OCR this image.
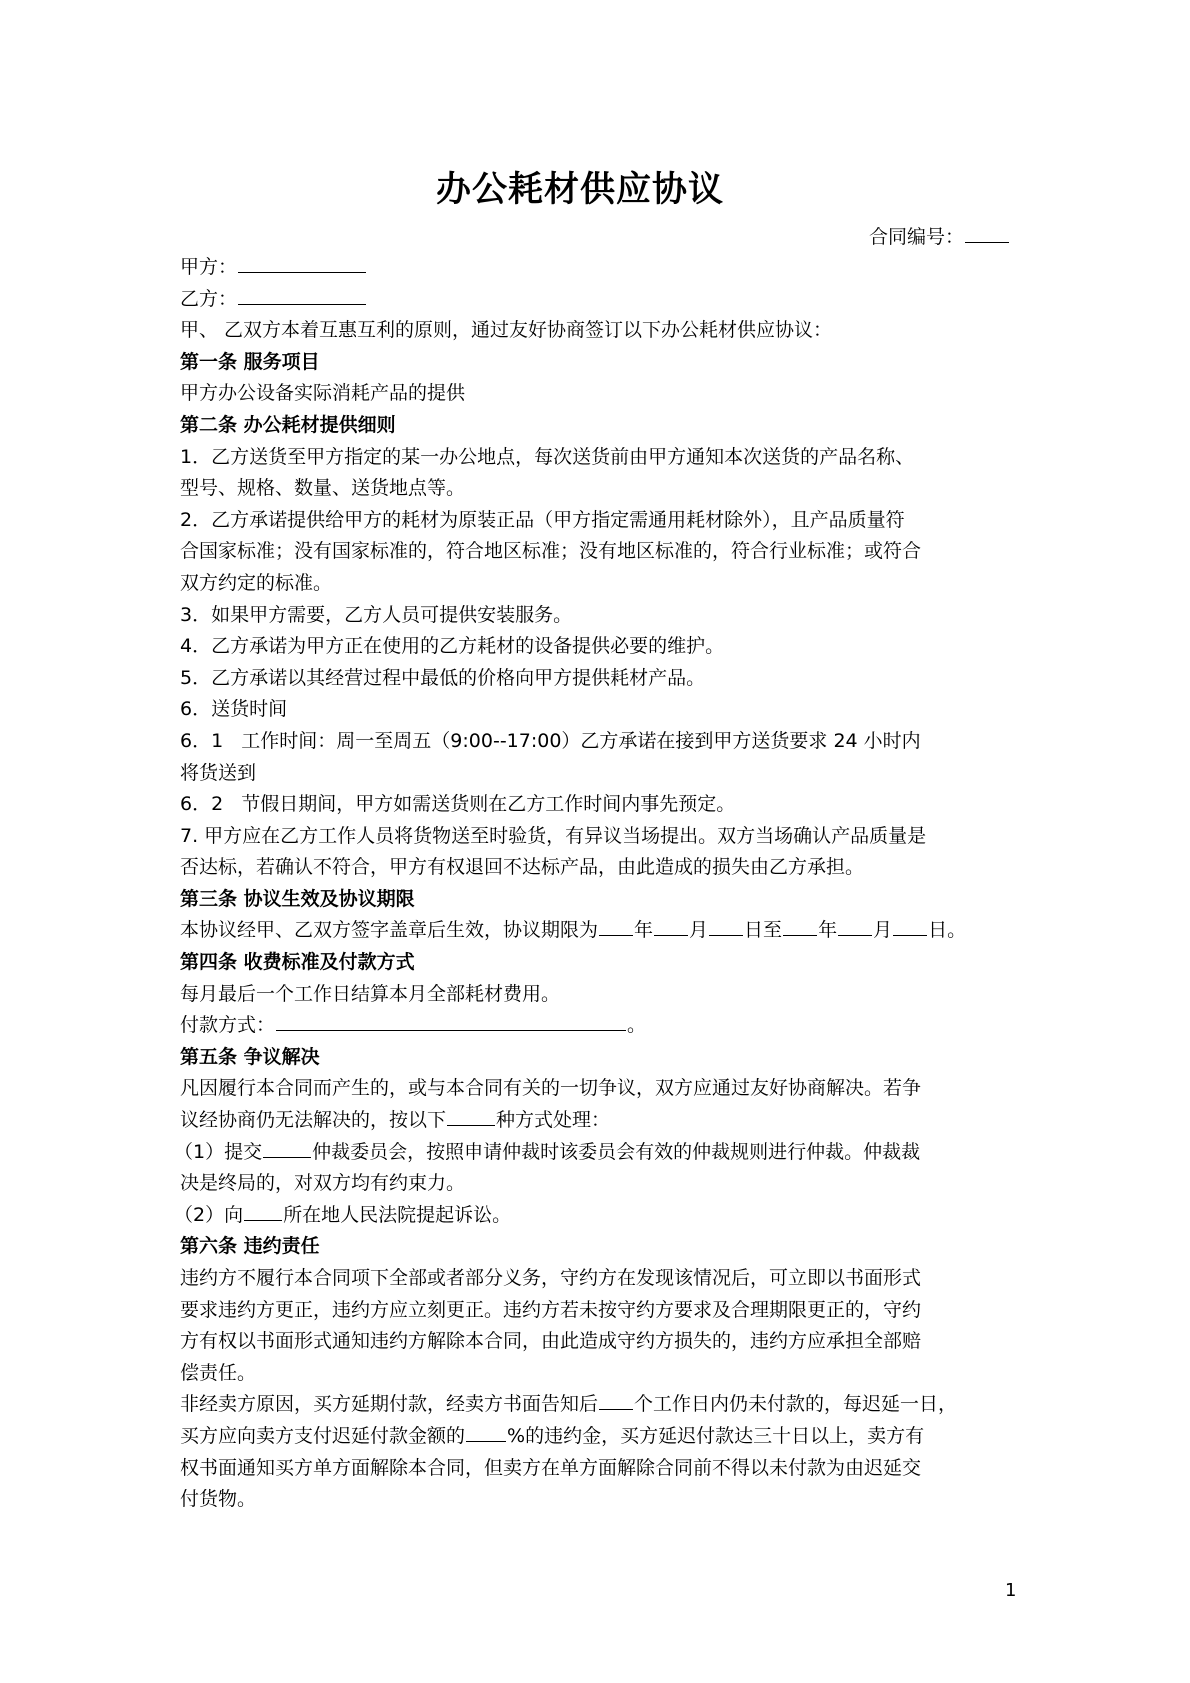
办公耗材供应协议
合同编号：
甲方：
乙方：
甲、 乙双方本着互惠互利的原则，通过友好协商签订以下办公耗材供应协议：
第一条 服务项目
甲方办公设备实际消耗产品的提供
第二条 办公耗材提供细则
1．乙方送货至甲方指定的某一办公地点，每次送货前由甲方通知本次送货的产品名称、
型号、规格、数量、送货地点等。
2．乙方承诺提供给甲方的耗材为原装正品（甲方指定需通用耗材除外），且产品质量符
合国家标准；没有国家标准的，符合地区标准；没有地区标准的，符合行业标准；或符合
双方约定的标准。
3．如果甲方需要，乙方人员可提供安装服务。
4．乙方承诺为甲方正在使用的乙方耗材的设备提供必要的维护。
5．乙方承诺以其经营过程中最低的价格向甲方提供耗材产品。
6．送货时间
6．1   工作时间：周一至周五（9:00--17:00）乙方承诺在接到甲方送货要求 24 小时内
将货送到
6．2   节假日期间，甲方如需送货则在乙方工作时间内事先预定。
7. 甲方应在乙方工作人员将货物送至时验货，有异议当场提出。双方当场确认产品质量是
否达标，若确认不符合，甲方有权退回不达标产品，由此造成的损失由乙方承担。
第三条 协议生效及协议期限
本协议经甲、乙双方签字盖章后生效，协议期限为 年 月 日至 年 月 日。
第四条 收费标准及付款方式
每月最后一个工作日结算本月全部耗材费用。
付款方式：	。
第五条 争议解决
凡因履行本合同而产生的，或与本合同有关的一切争议，双方应通过友好协商解决。若争
议经协商仍无法解决的，按以下	种方式处理：
（1）提交	仲裁委员会，按照申请仲裁时该委员会有效的仲裁规则进行仲裁。仲裁裁
决是终局的，对双方均有约束力。
（2）向 所在地人民法院提起诉讼。
第六条 违约责任
违约方不履行本合同项下全部或者部分义务，守约方在发现该情况后，可立即以书面形式
要求违约方更正，违约方应立刻更正。违约方若未按守约方要求及合理期限更正的，守约
方有权以书面形式通知违约方解除本合同，由此造成守约方损失的，违约方应承担全部赔
偿责任。
非经卖方原因，买方延期付款，经卖方书面告知后 个工作日内仍未付款的，每迟延一日，
买方应向卖方支付迟延付款金额的 %的违约金，买方延迟付款达三十日以上，卖方有
权书面通知买方单方面解除本合同，但卖方在单方面解除合同前不得以未付款为由迟延交
付货物。
1
